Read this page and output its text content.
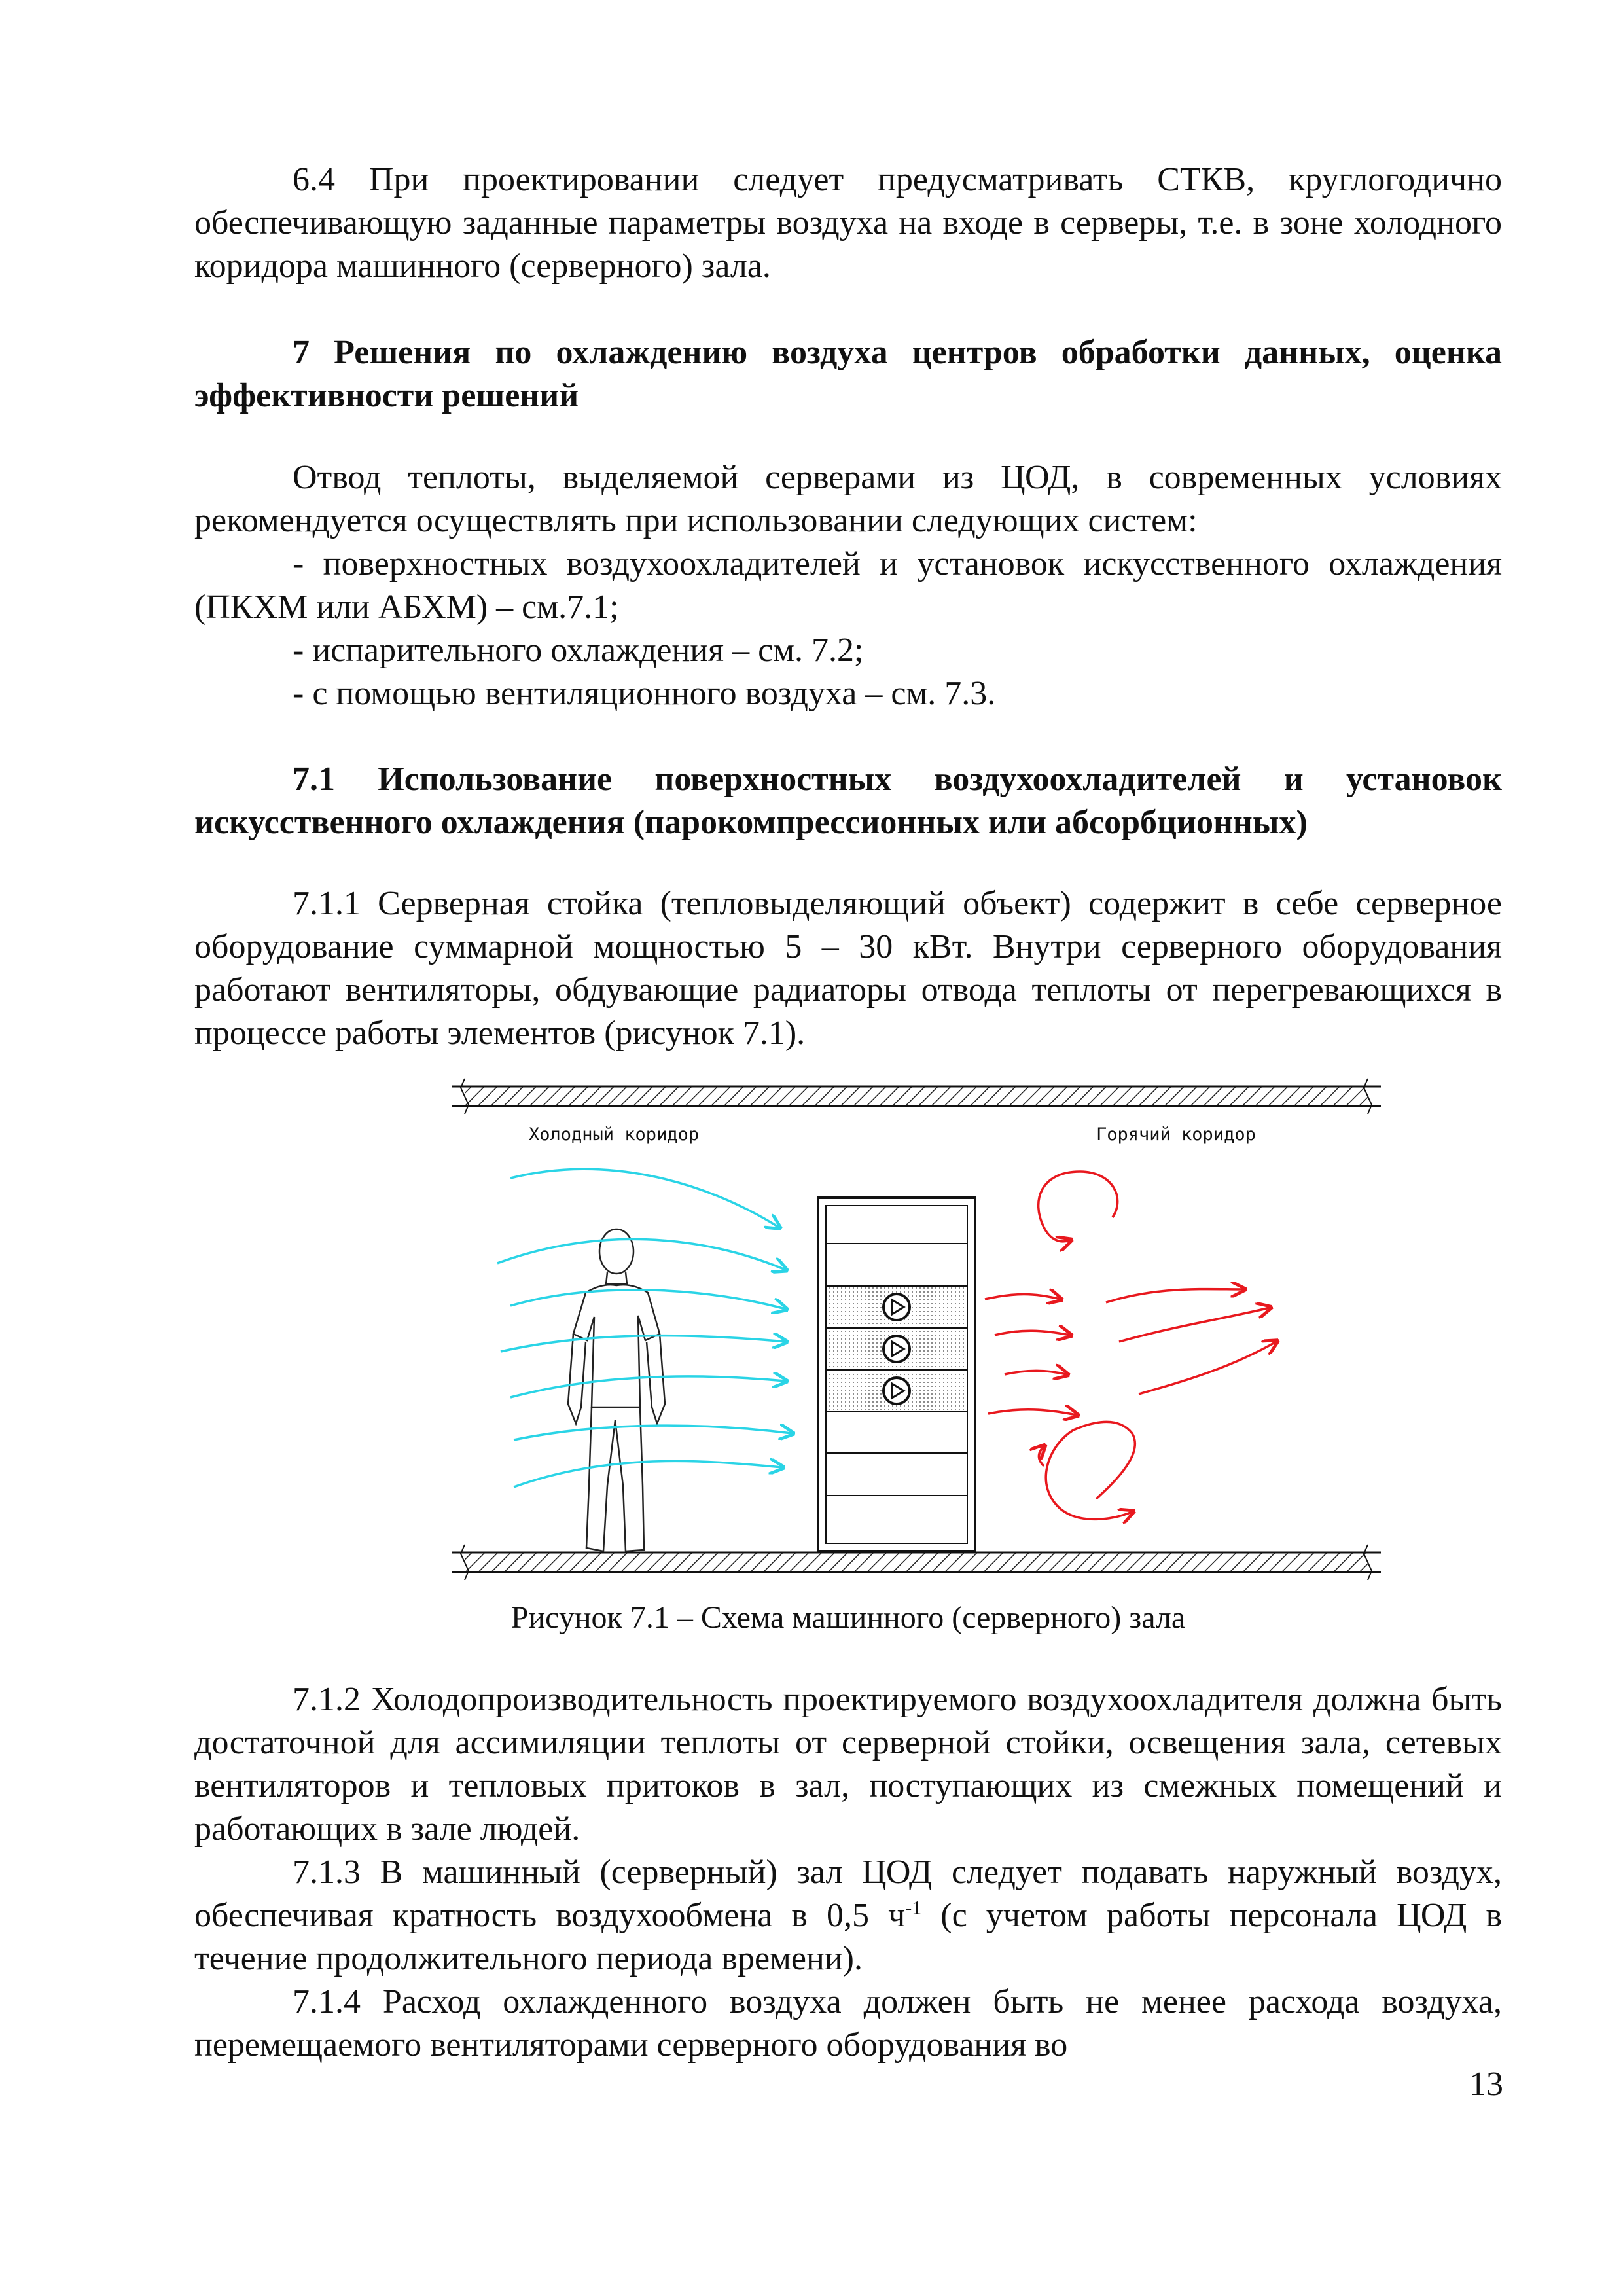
6.4 При проектировании следует предусматривать СТКВ, круглогодично обеспечивающую заданные параметры воздуха на входе в серверы, т.е. в зоне холодного коридора машинного (серверного) зала.

7 Решения по охлаждению воздуха центров обработки данных, оценка эффективности решений

Отвод теплоты, выделяемой серверами из ЦОД, в современных условиях рекомендуется осуществлять при использовании следующих систем:

- поверхностных воздухоохладителей и установок искусственного охлаждения (ПКХМ или АБХМ) – см.7.1;

- испарительного охлаждения – см. 7.2;

- с помощью вентиляционного воздуха – см. 7.3.

7.1 Использование поверхностных воздухоохладителей и установок искусственного охлаждения (парокомпрессионных или абсорбционных)

7.1.1 Серверная стойка (тепловыделяющий объект) содержит в себе серверное оборудование суммарной мощностью 5 – 30 кВт. Внутри серверного оборудования работают вентиляторы, обдувающие радиаторы отвода теплоты от перегревающихся в процессе работы элементов (рисунок 7.1).

Холодный коридор	Горячий коридор
Рисунок 7.1 – Схема машинного (серверного) зала

7.1.2 Холодопроизводительность проектируемого воздухоохладителя должна быть достаточной для ассимиляции теплоты от серверной стойки, освещения зала, сетевых вентиляторов и тепловых притоков в зал, поступающих из смежных помещений и работающих в зале людей.

7.1.3 В машинный (серверный) зал ЦОД следует подавать наружный воздух, обеспечивая кратность воздухообмена в 0,5 $ч^{-1}$ (с учетом работы персонала ЦОД в течение продолжительного периода времени).

7.1.4 Расход охлажденного воздуха должен быть не менее расхода воздуха, перемещаемого вентиляторами серверного оборудования во

13
